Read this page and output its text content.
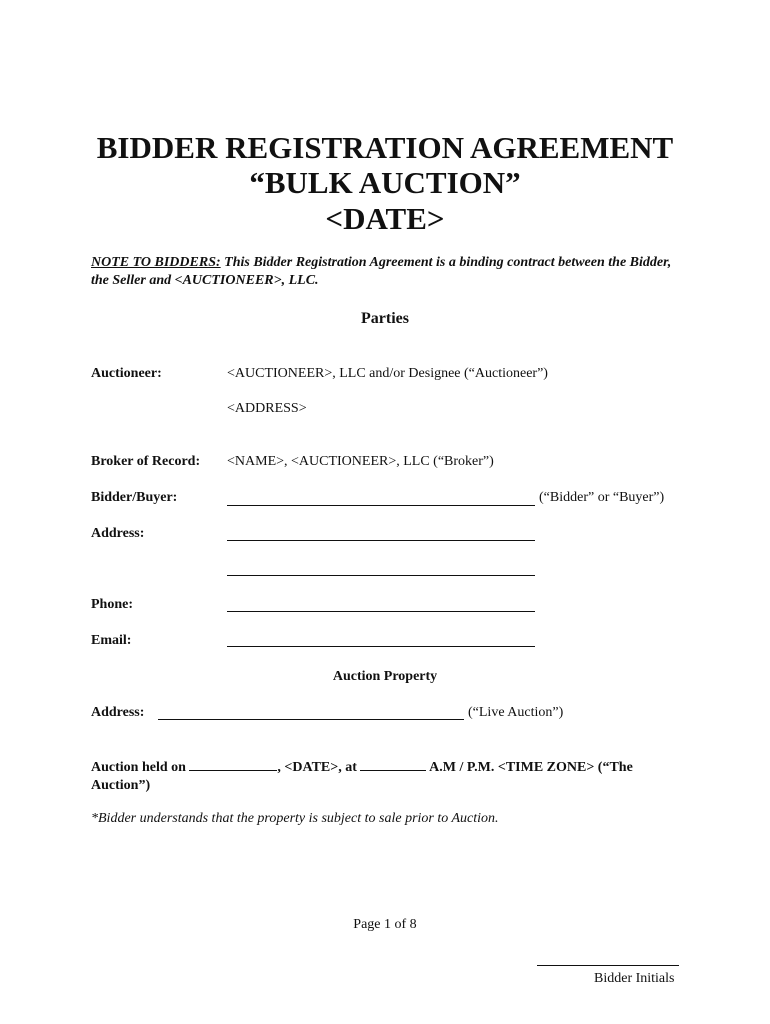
BIDDER REGISTRATION AGREEMENT
“BULK AUCTION”
<DATE>
NOTE TO BIDDERS: This Bidder Registration Agreement is a binding contract between the Bidder, the Seller and <AUCTIONEER>, LLC.
Parties
Auctioneer:	<AUCTIONEER>, LLC and/or Designee (“Auctioneer”)
<ADDRESS>
Broker of Record: <NAME>, <AUCTIONEER>, LLC (“Broker”)
Bidder/Buyer:	(“Bidder” or “Buyer”)
Address:
Phone:
Email:
Auction Property
Address:	(“Live Auction”)
Auction held on	, <DATE>, at	A.M / P.M. <TIME ZONE> (“The Auction”)
*Bidder understands that the property is subject to sale prior to Auction.
Page 1 of 8
Bidder Initials
